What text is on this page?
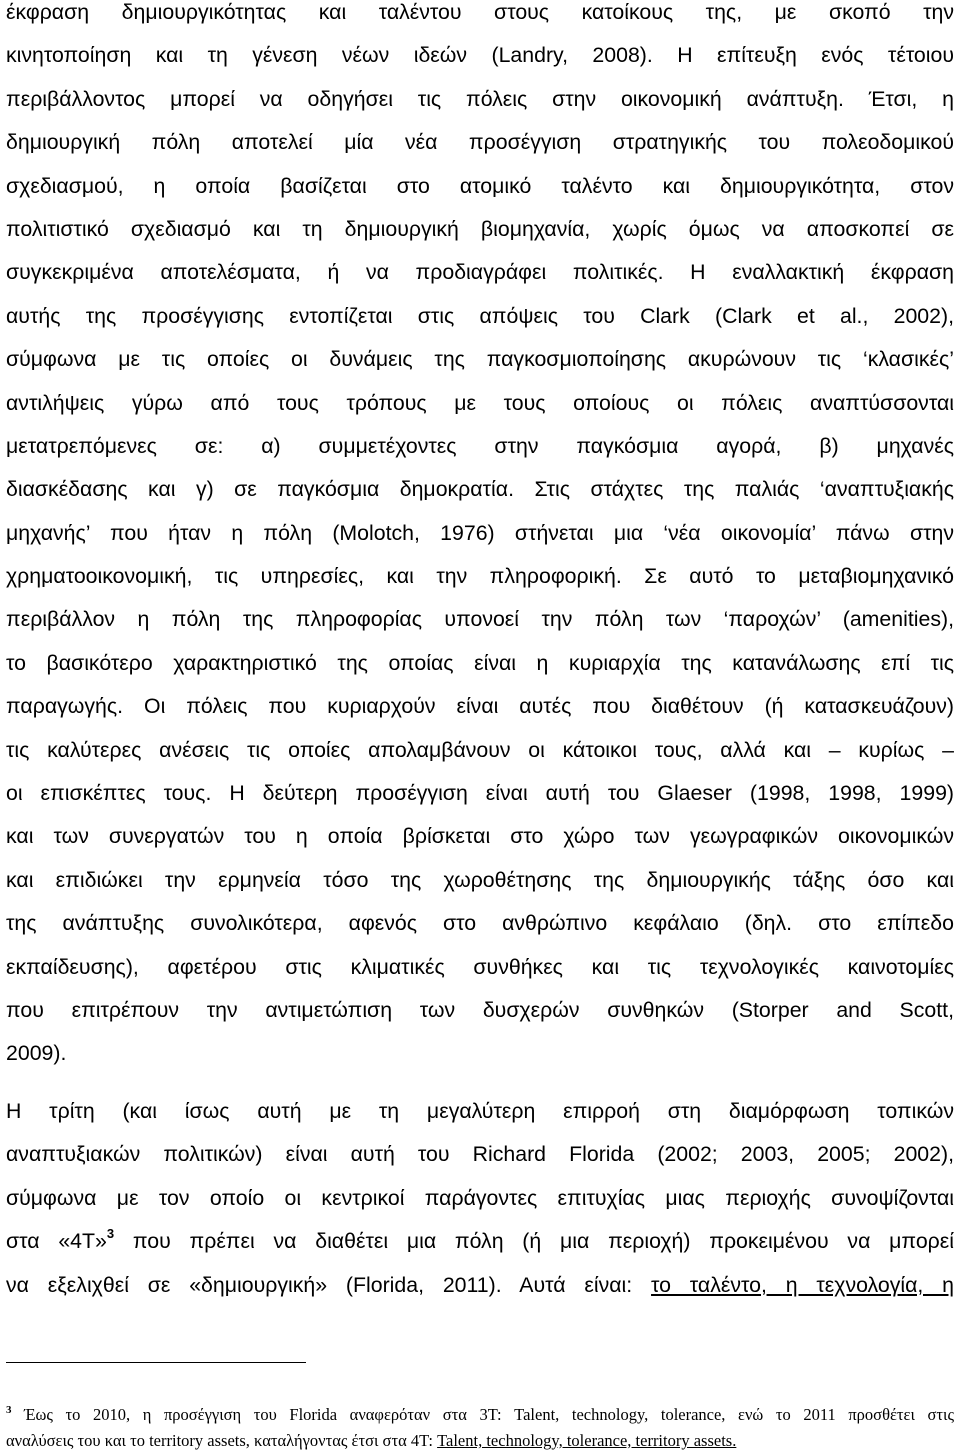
έκφραση δημιουργικότητας και ταλέντου στους κατοίκους της, με σκοπό την
κινητοποίηση και τη γένεση νέων ιδεών (Landry, 2008). Η επίτευξη ενός τέτοιου
περιβάλλοντος μπορεί να οδηγήσει τις πόλεις στην οικονομική ανάπτυξη. Έτσι, η
δημιουργική πόλη αποτελεί μία νέα προσέγγιση στρατηγικής του πολεοδομικού
σχεδιασμού, η οποία βασίζεται στο ατομικό ταλέντο και δημιουργικότητα, στον
πολιτιστικό σχεδιασμό και τη δημιουργική βιομηχανία, χωρίς όμως να αποσκοπεί σε
συγκεκριμένα αποτελέσματα, ή να προδιαγράφει πολιτικές. Η εναλλακτική έκφραση
αυτής της προσέγγισης εντοπίζεται στις απόψεις του Clark (Clark et al., 2002),
σύμφωνα με τις οποίες οι δυνάμεις της παγκοσμιοποίησης ακυρώνουν τις ‘κλασικές’
αντιλήψεις γύρω από τους τρόπους με τους οποίους οι πόλεις αναπτύσσονται
μετατρεπόμενες σε: α) συμμετέχοντες στην παγκόσμια αγορά, β) μηχανές
διασκέδασης και γ) σε παγκόσμια δημοκρατία. Στις στάχτες της παλιάς ‘αναπτυξιακής
μηχανής’ που ήταν η πόλη (Molotch, 1976) στήνεται μια ‘νέα οικονομία’ πάνω στην
χρηματοοικονομική, τις υπηρεσίες, και την πληροφορική. Σε αυτό το μεταβιομηχανικό
περιβάλλον η πόλη της πληροφορίας υπονοεί την πόλη των ‘παροχών’ (amenities),
το βασικότερο χαρακτηριστικό της οποίας είναι η κυριαρχία της κατανάλωσης επί τις
παραγωγής. Οι πόλεις που κυριαρχούν είναι αυτές που διαθέτουν (ή κατασκευάζουν)
τις καλύτερες ανέσεις τις οποίες απολαμβάνουν οι κάτοικοι τους, αλλά και – κυρίως –
οι επισκέπτες τους. Η δεύτερη προσέγγιση είναι αυτή του Glaeser (1998, 1998, 1999)
και των συνεργατών του η οποία βρίσκεται στο χώρο των γεωγραφικών οικονομικών
και επιδιώκει την ερμηνεία τόσο της χωροθέτησης της δημιουργικής τάξης όσο και
της ανάπτυξης συνολικότερα, αφενός στο ανθρώπινο κεφάλαιο (δηλ. στο επίπεδο
εκπαίδευσης), αφετέρου στις κλιματικές συνθήκες και τις τεχνολογικές καινοτομίες
που επιτρέπουν την αντιμετώπιση των δυσχερών συνθηκών (Storper and Scott,
2009).
Η τρίτη (και ίσως αυτή με τη μεγαλύτερη επιρροή στη διαμόρφωση τοπικών
αναπτυξιακών πολιτικών) είναι αυτή του Richard Florida (2002; 2003, 2005; 2002),
σύμφωνα με τον οποίο οι κεντρικοί παράγοντες επιτυχίας μιας περιοχής συνοψίζονται
στα «4Τ»$^3$ που πρέπει να διαθέτει μια πόλη (ή μια περιοχή) προκειμένου να μπορεί
να εξελιχθεί σε «δημιουργική» (Florida, 2011). Αυτά είναι: το ταλέντο, η τεχνολογία, η
$^3$ Έως το 2010, η προσέγγιση του Florida αναφερόταν στα 3Τ: Talent, technology, tolerance, ενώ το 2011 προσθέτει στις
αναλύσεις του και το territory assets, καταλήγοντας έτσι στα 4Τ: Talent, technology, tolerance, territory assets.
